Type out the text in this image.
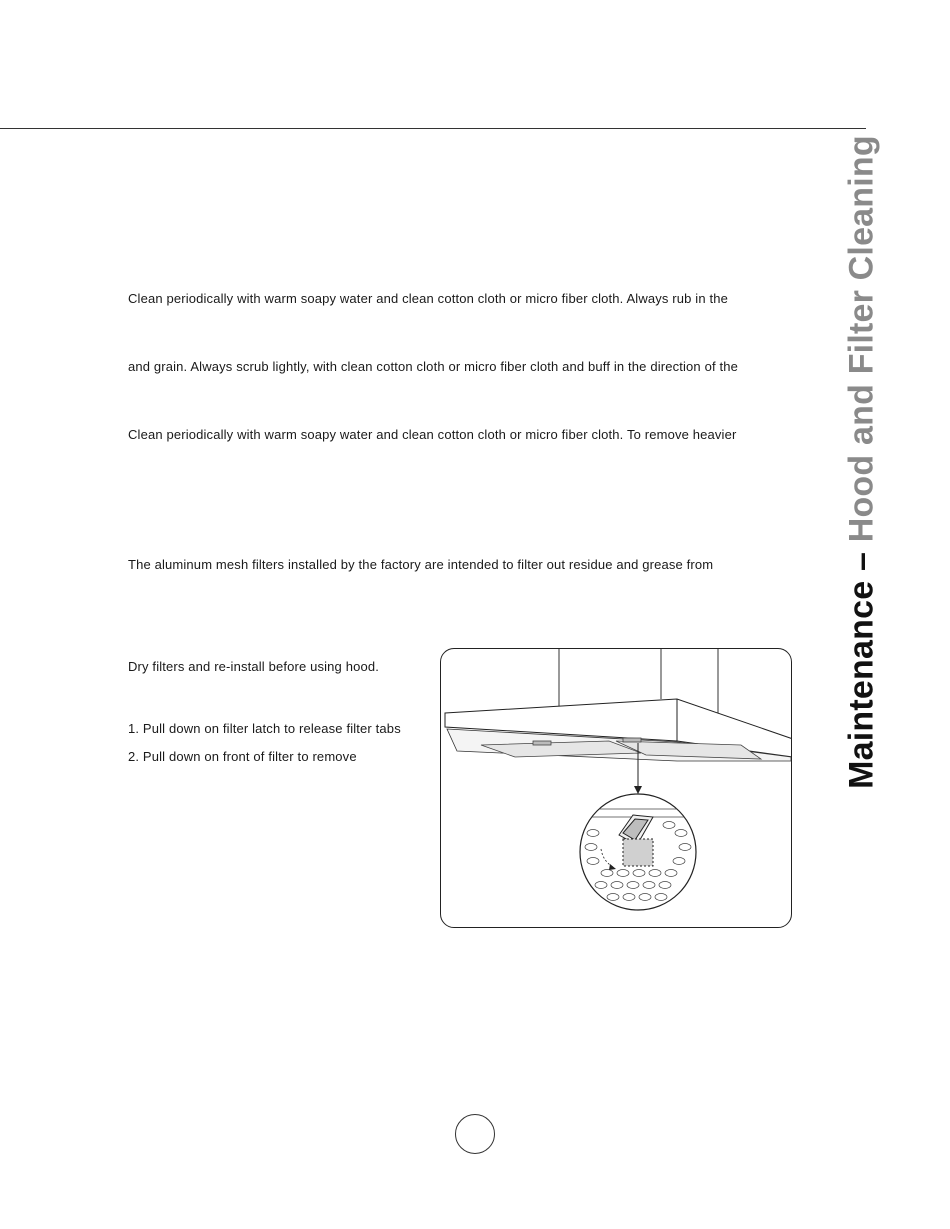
Maintenance – Hood and Filter Cleaning

Clean periodically with warm soapy water and clean cotton cloth or micro fiber cloth. Always rub in the

and grain. Always scrub lightly, with clean cotton cloth or micro fiber cloth and buff in the direction of the

Clean periodically with warm soapy water and clean cotton cloth or micro fiber cloth. To remove heavier

The aluminum mesh filters installed by the factory are intended to filter out residue and grease from

Dry filters and re-install before using hood.

1. Pull down on filter latch to release filter tabs

2. Pull down on front of filter to remove
